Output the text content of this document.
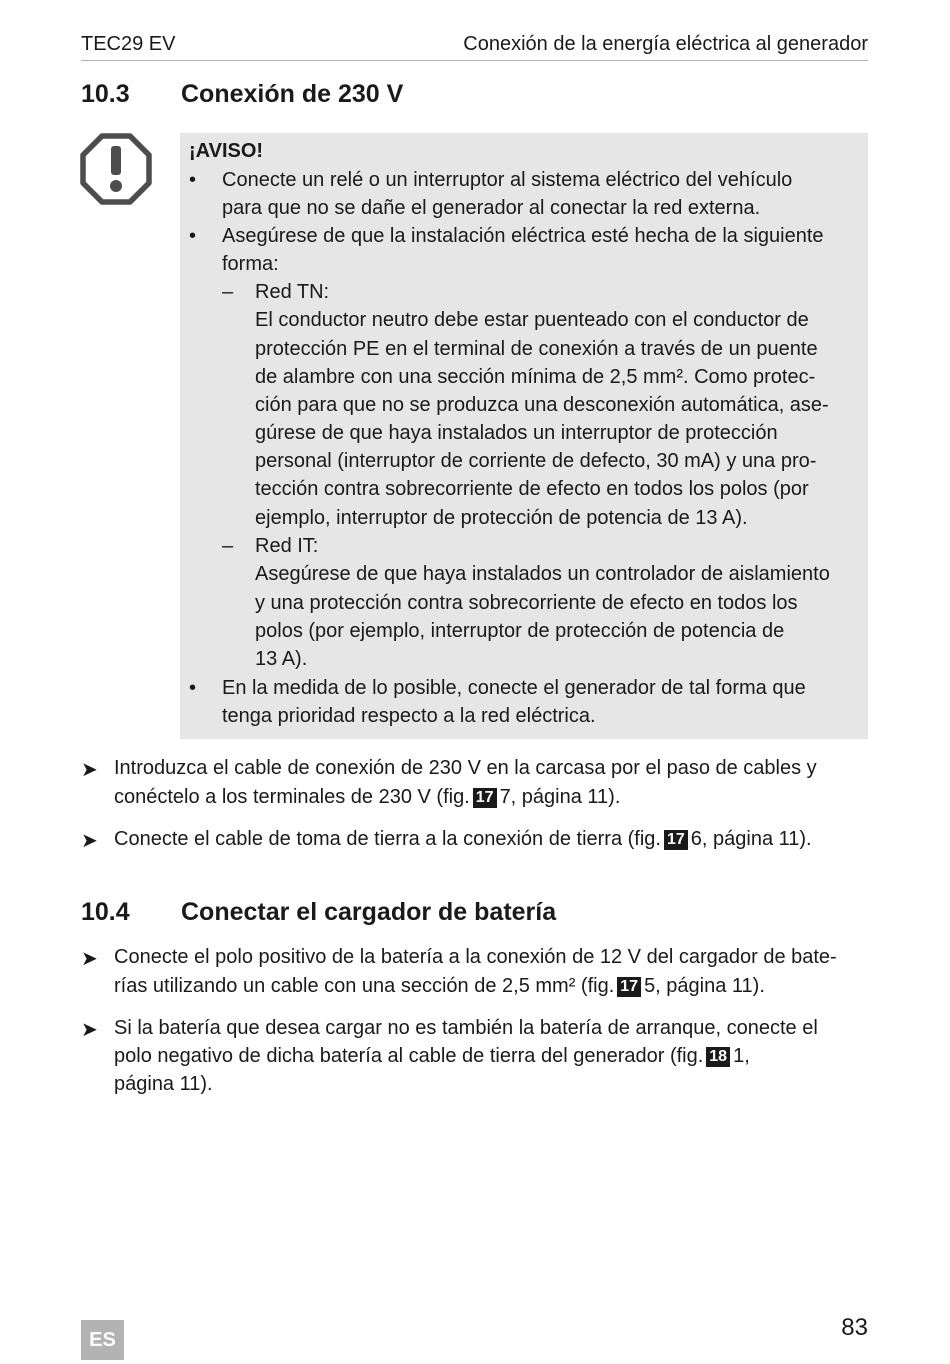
TEC29 EV	Conexión de la energía eléctrica al generador
10.3 Conexión de 230 V
¡AVISO!
• Conecte un relé o un interruptor al sistema eléctrico del vehículo
para que no se dañe el generador al conectar la red externa.
• Asegúrese de que la instalación eléctrica esté hecha de la siguiente
forma:
– Red TN:
El conductor neutro debe estar puenteado con el conductor de
protección PE en el terminal de conexión a través de un puente
de alambre con una sección mínima de 2,5 mm². Como protec-
ción para que no se produzca una desconexión automática, ase-
gúrese de que haya instalados un interruptor de protección
personal (interruptor de corriente de defecto, 30 mA) y una pro-
tección contra sobrecorriente de efecto en todos los polos (por
ejemplo, interruptor de protección de potencia de 13 A).
– Red IT:
Asegúrese de que haya instalados un controlador de aislamiento
y una protección contra sobrecorriente de efecto en todos los
polos (por ejemplo, interruptor de protección de potencia de
13 A).
• En la medida de lo posible, conecte el generador de tal forma que
tenga prioridad respecto a la red eléctrica.
➤ Introduzca el cable de conexión de 230 V en la carcasa por el paso de cables y
conéctelo a los terminales de 230 V (fig. 17 7, página 11).
➤ Conecte el cable de toma de tierra a la conexión de tierra (fig. 17 6, página 11).
10.4 Conectar el cargador de batería
➤ Conecte el polo positivo de la batería a la conexión de 12 V del cargador de bate-
rías utilizando un cable con una sección de 2,5 mm² (fig. 17 5, página 11).
➤ Si la batería que desea cargar no es también la batería de arranque, conecte el
polo negativo de dicha batería al cable de tierra del generador (fig. 18 1,
página 11).
ES	83
